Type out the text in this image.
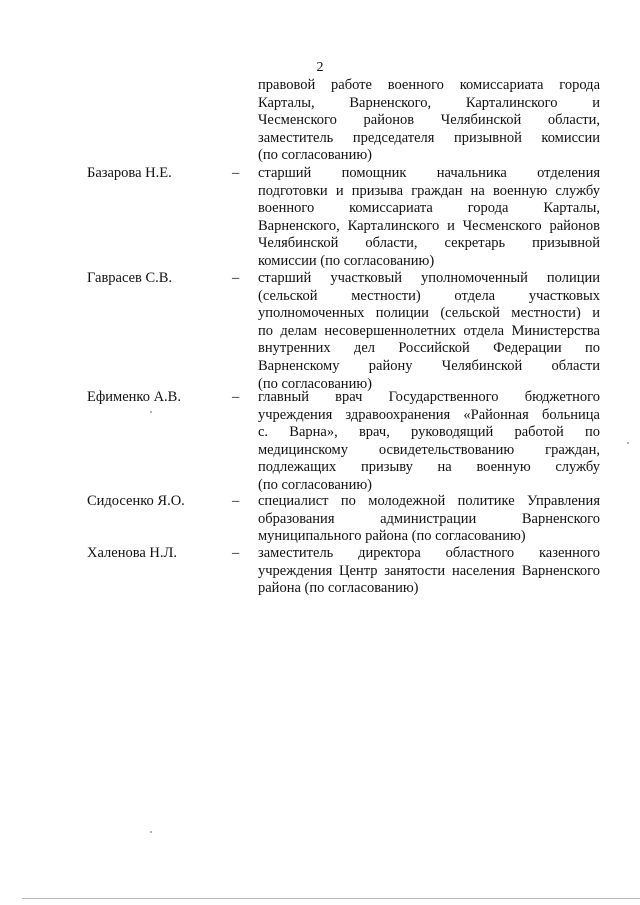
2
правовой работе военного комиссариата города
Карталы, Варненского, Карталинского и
Чесменского районов Челябинской области,
заместитель председателя призывной комиссии
(по согласованию)
Базарова Н.Е.	– старший помощник начальника отделения
подготовки и призыва граждан на военную службу
военного комиссариата города Карталы,
Варненского, Карталинского и Чесменского районов
Челябинской области, секретарь призывной
комиссии (по согласованию)
Гаврасев С.В.	– старший участковый уполномоченный полиции
(сельской местности) отдела участковых
уполномоченных полиции (сельской местности) и
по делам несовершеннолетних отдела Министерства
внутренних дел Российской Федерации по
Варненскому району Челябинской области
(по согласованию)
Ефименко А.В.	– главный врач Государственного бюджетного
учреждения здравоохранения «Районная больница
с. Варна», врач, руководящий работой по
медицинскому освидетельствованию граждан,
подлежащих призыву на военную службу
(по согласованию)
Сидосенко Я.О.	– специалист по молодежной политике Управления
образования администрации Варненского
муниципального района (по согласованию)
Халенова Н.Л.	– заместитель директора областного казенного
учреждения Центр занятости населения Варненского
района (по согласованию)
